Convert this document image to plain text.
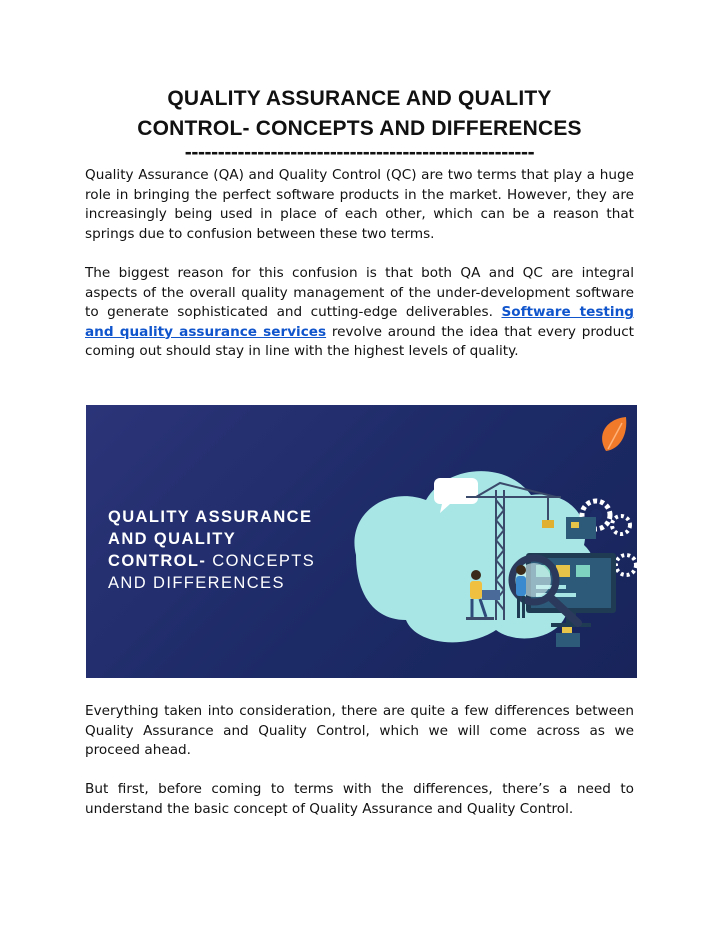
QUALITY ASSURANCE AND QUALITY
CONTROL- CONCEPTS AND DIFFERENCES
-----------------------------------------------------

Quality Assurance (QA) and Quality Control (QC) are two terms that play a huge role in bringing the perfect software products in the market. However, they are increasingly being used in place of each other, which can be a reason that springs due to confusion between these two terms.

The biggest reason for this confusion is that both QA and QC are integral aspects of the overall quality management of the under-development software to generate sophisticated and cutting-edge deliverables. Software testing and quality assurance services revolve around the idea that every product coming out should stay in line with the highest levels of quality.

QUALITY ASSURANCE
AND QUALITY
CONTROL- CONCEPTS
AND DIFFERENCES

Everything taken into consideration, there are quite a few differences between Quality Assurance and Quality Control, which we will come across as we proceed ahead.

But first, before coming to terms with the differences, there’s a need to understand the basic concept of Quality Assurance and Quality Control.
